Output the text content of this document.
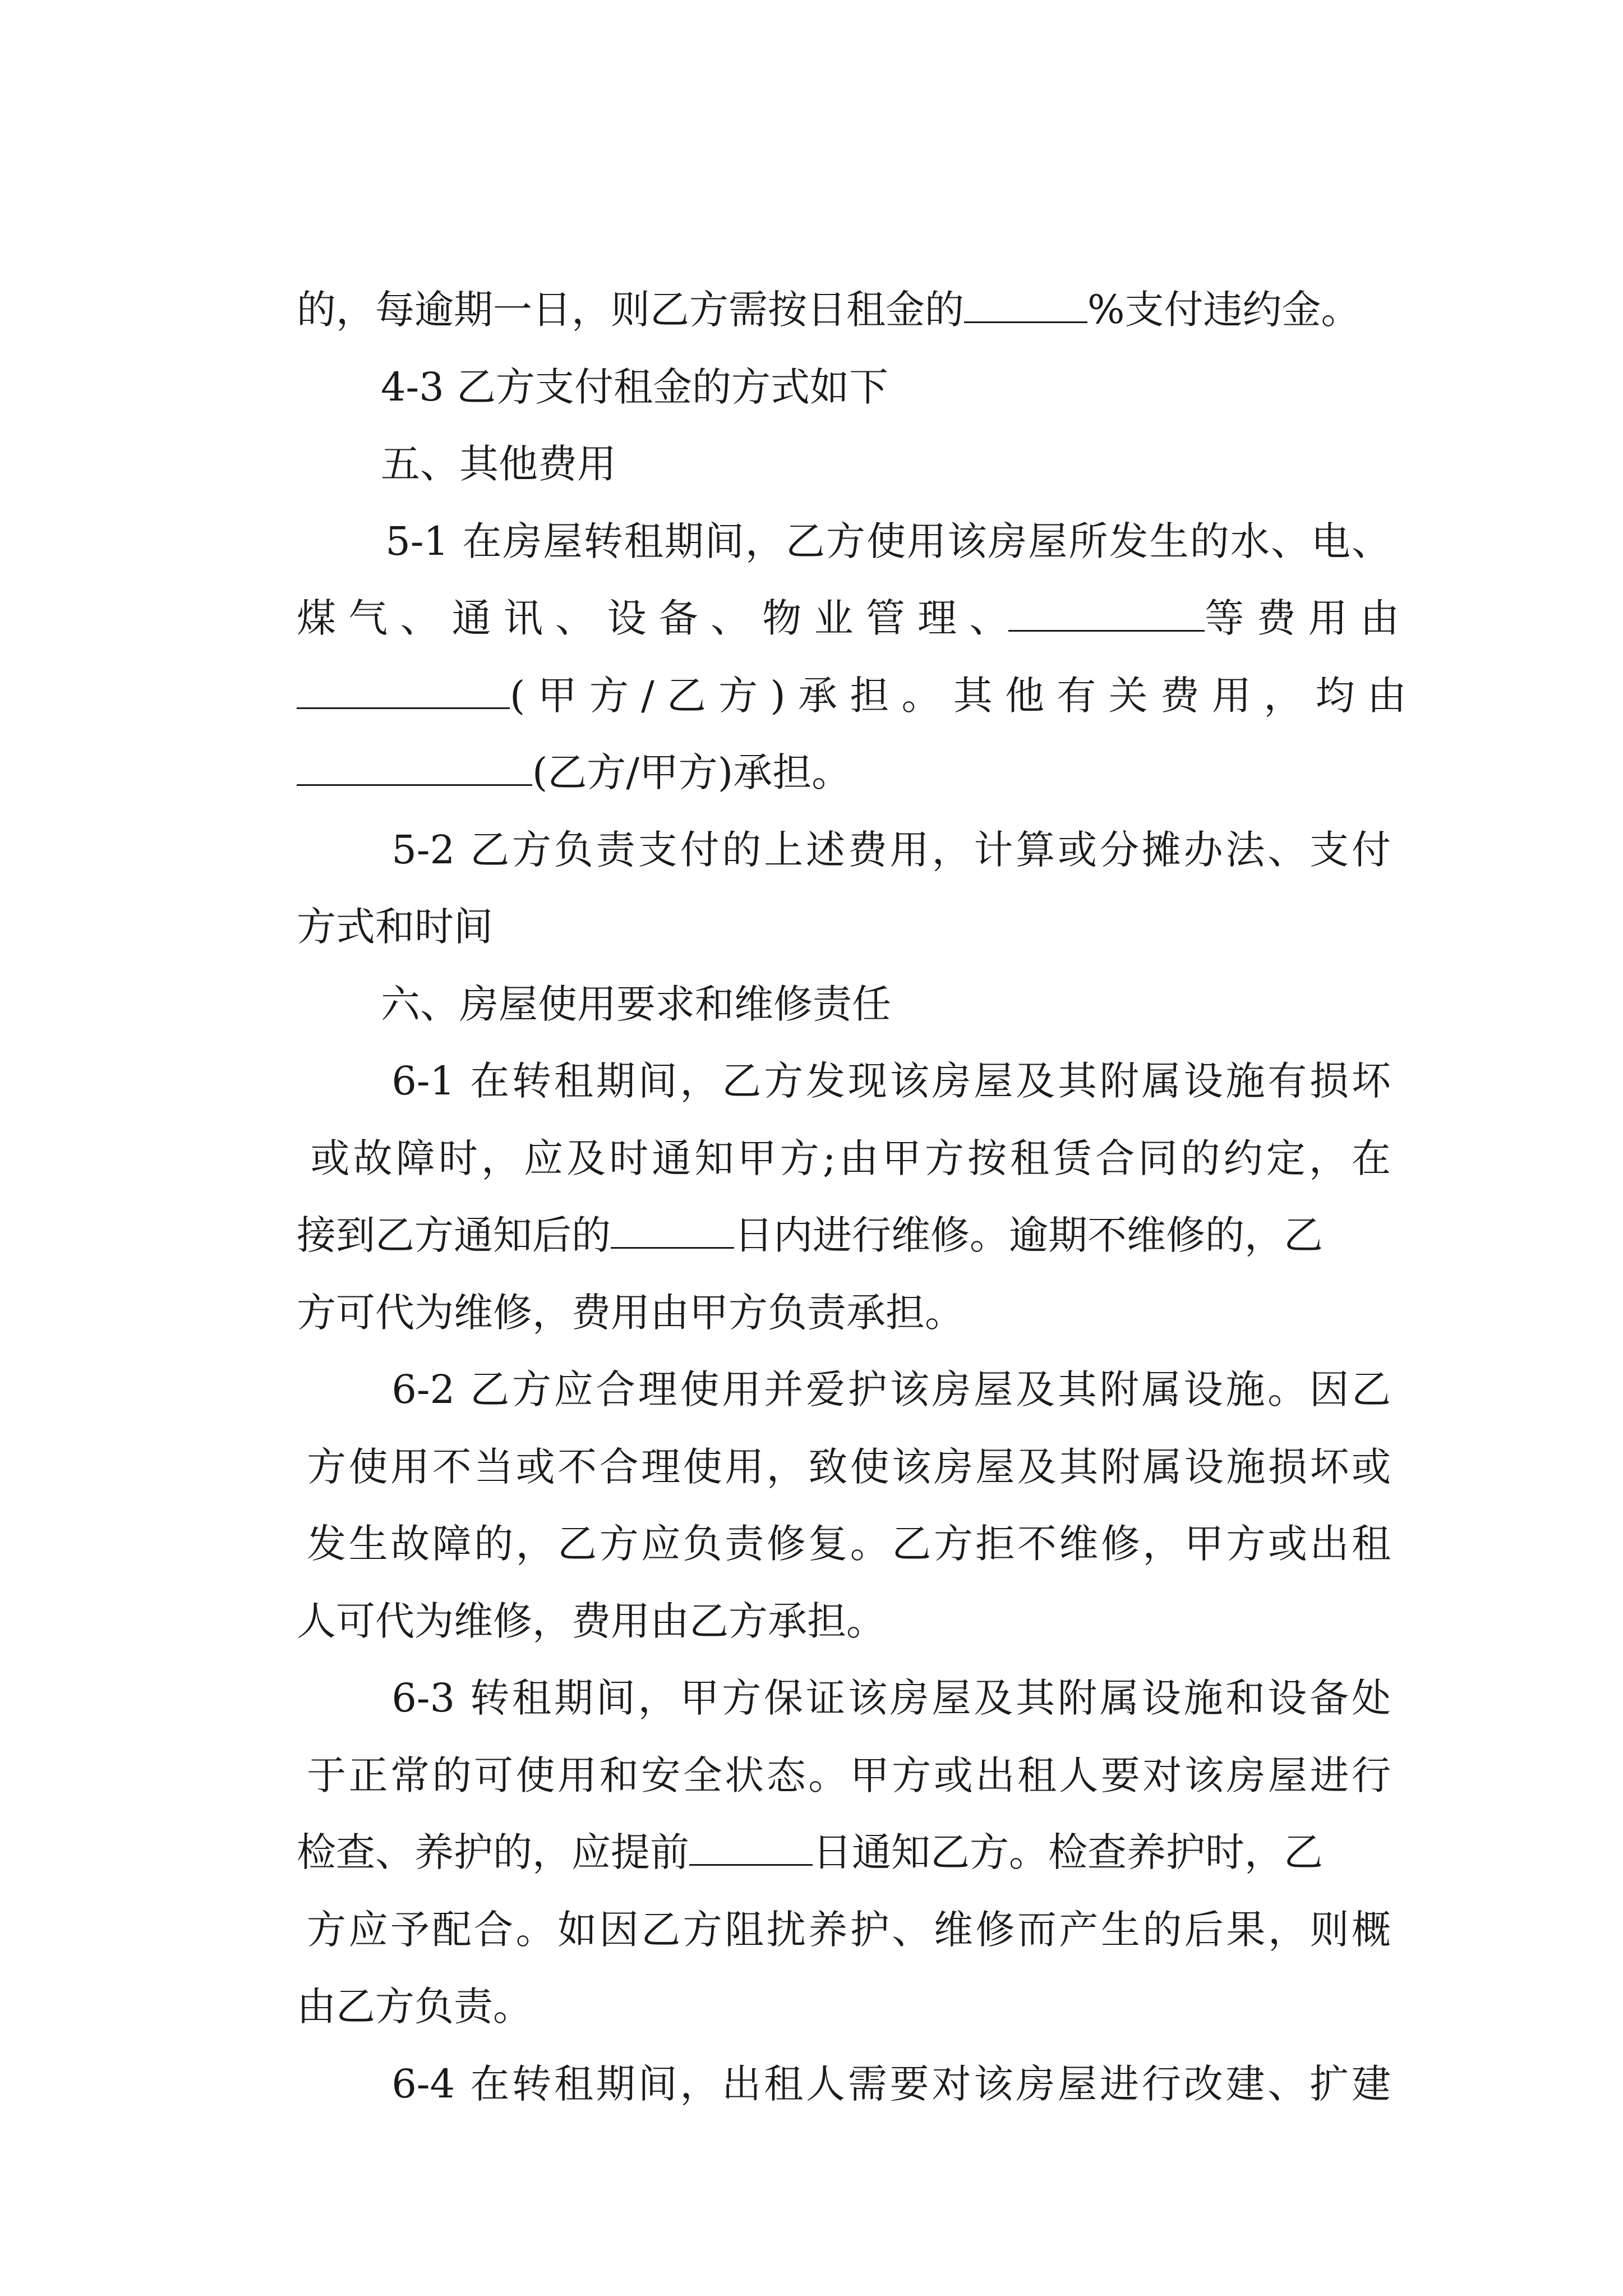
的，每逾期一日，则乙方需按日租金的	%支付违约金。

4-3 乙方支付租金的方式如下

五、其他费用

5-1 在房屋转租期间，乙方使用该房屋所发生的水、电、

煤 气 、 通 讯 、 设 备 、 物 业 管 理 、	等 费 用 由

( 甲 方 / 乙 方 ) 承 担 。 其 他 有 关 费 用 ， 均 由

(乙方/甲方)承担。

5-2 乙方负责支付的上述费用，计算或分摊办法、支付

方式和时间

六、房屋使用要求和维修责任

6-1 在转租期间，乙方发现该房屋及其附属设施有损坏

或故障时，应及时通知甲方;由甲方按租赁合同的约定，在

接到乙方通知后的	日内进行维修。逾期不维修的，乙

方可代为维修，费用由甲方负责承担。

6-2 乙方应合理使用并爱护该房屋及其附属设施。因乙

方使用不当或不合理使用，致使该房屋及其附属设施损坏或

发生故障的，乙方应负责修复。乙方拒不维修，甲方或出租

人可代为维修，费用由乙方承担。

6-3 转租期间，甲方保证该房屋及其附属设施和设备处

于正常的可使用和安全状态。甲方或出租人要对该房屋进行

检查、养护的，应提前	日通知乙方。检查养护时，乙

方应予配合。如因乙方阻扰养护、维修而产生的后果，则概

由乙方负责。

6-4 在转租期间，出租人需要对该房屋进行改建、扩建
